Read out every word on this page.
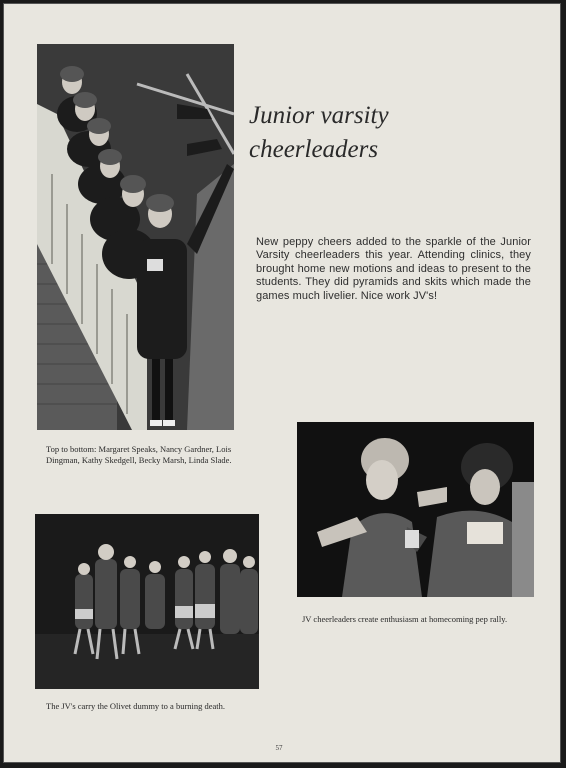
Junior varsity
cheerleaders
New peppy cheers added to the sparkle of the Junior Varsity cheerleaders this year. Attending clinics, they brought home new motions and ideas to present to the students. They did pyramids and skits which made the games much livelier. Nice work JV's!
Top to bottom: Margaret Speaks, Nancy Gardner, Lois Dingman, Kathy Skedgell, Becky Marsh, Linda Slade.
JV cheerleaders create enthusiasm at homecoming pep rally.
The JV's carry the Olivet dummy to a burning death.
57
